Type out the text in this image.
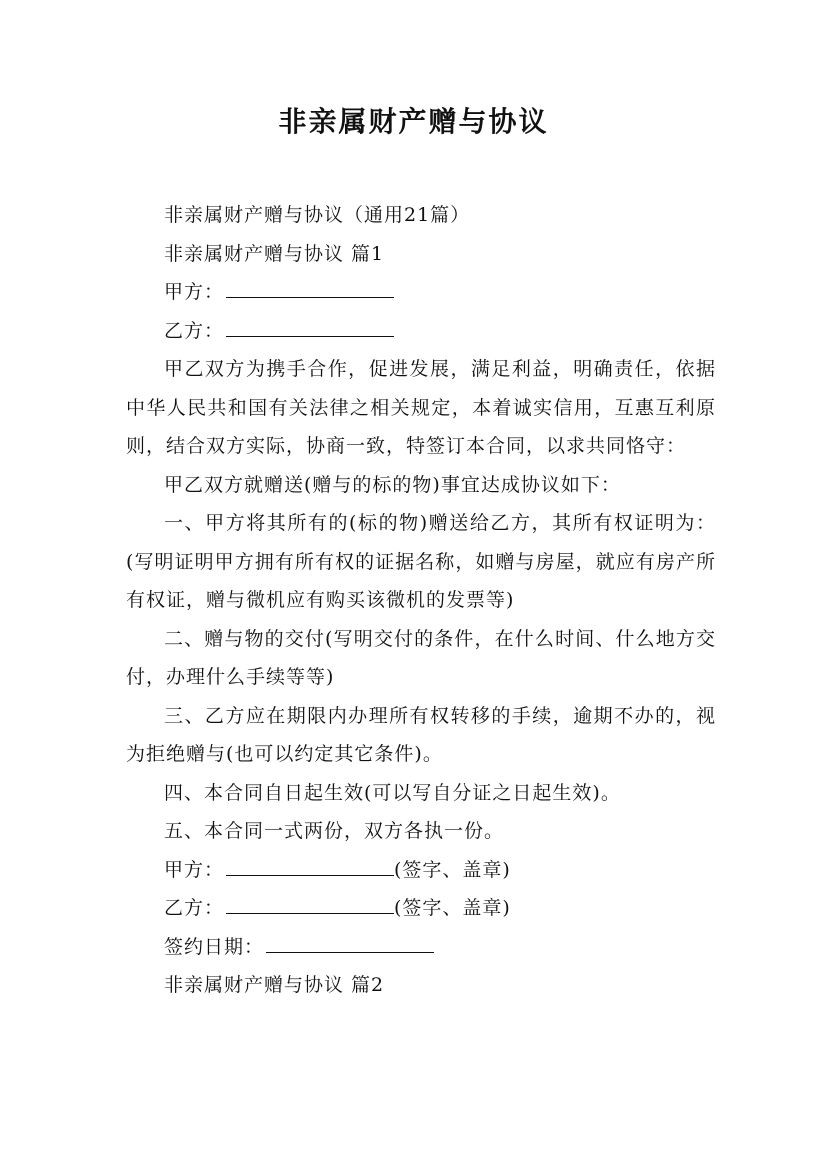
非亲属财产赠与协议

非亲属财产赠与协议（通用21篇）

非亲属财产赠与协议 篇1

甲方：

乙方：

甲乙双方为携手合作，促进发展，满足利益，明确责任，依据中华人民共和国有关法律之相关规定，本着诚实信用，互惠互利原则，结合双方实际，协商一致，特签订本合同，以求共同恪守：

甲乙双方就赠送(赠与的标的物)事宜达成协议如下：

一、甲方将其所有的(标的物)赠送给乙方，其所有权证明为：(写明证明甲方拥有所有权的证据名称，如赠与房屋，就应有房产所有权证，赠与微机应有购买该微机的发票等)

二、赠与物的交付(写明交付的条件，在什么时间、什么地方交付，办理什么手续等等)

三、乙方应在期限内办理所有权转移的手续，逾期不办的，视为拒绝赠与(也可以约定其它条件)。

四、本合同自日起生效(可以写自分证之日起生效)。

五、本合同一式两份，双方各执一份。

甲方：	(签字、盖章)

乙方：	(签字、盖章)

签约日期：

非亲属财产赠与协议 篇2
